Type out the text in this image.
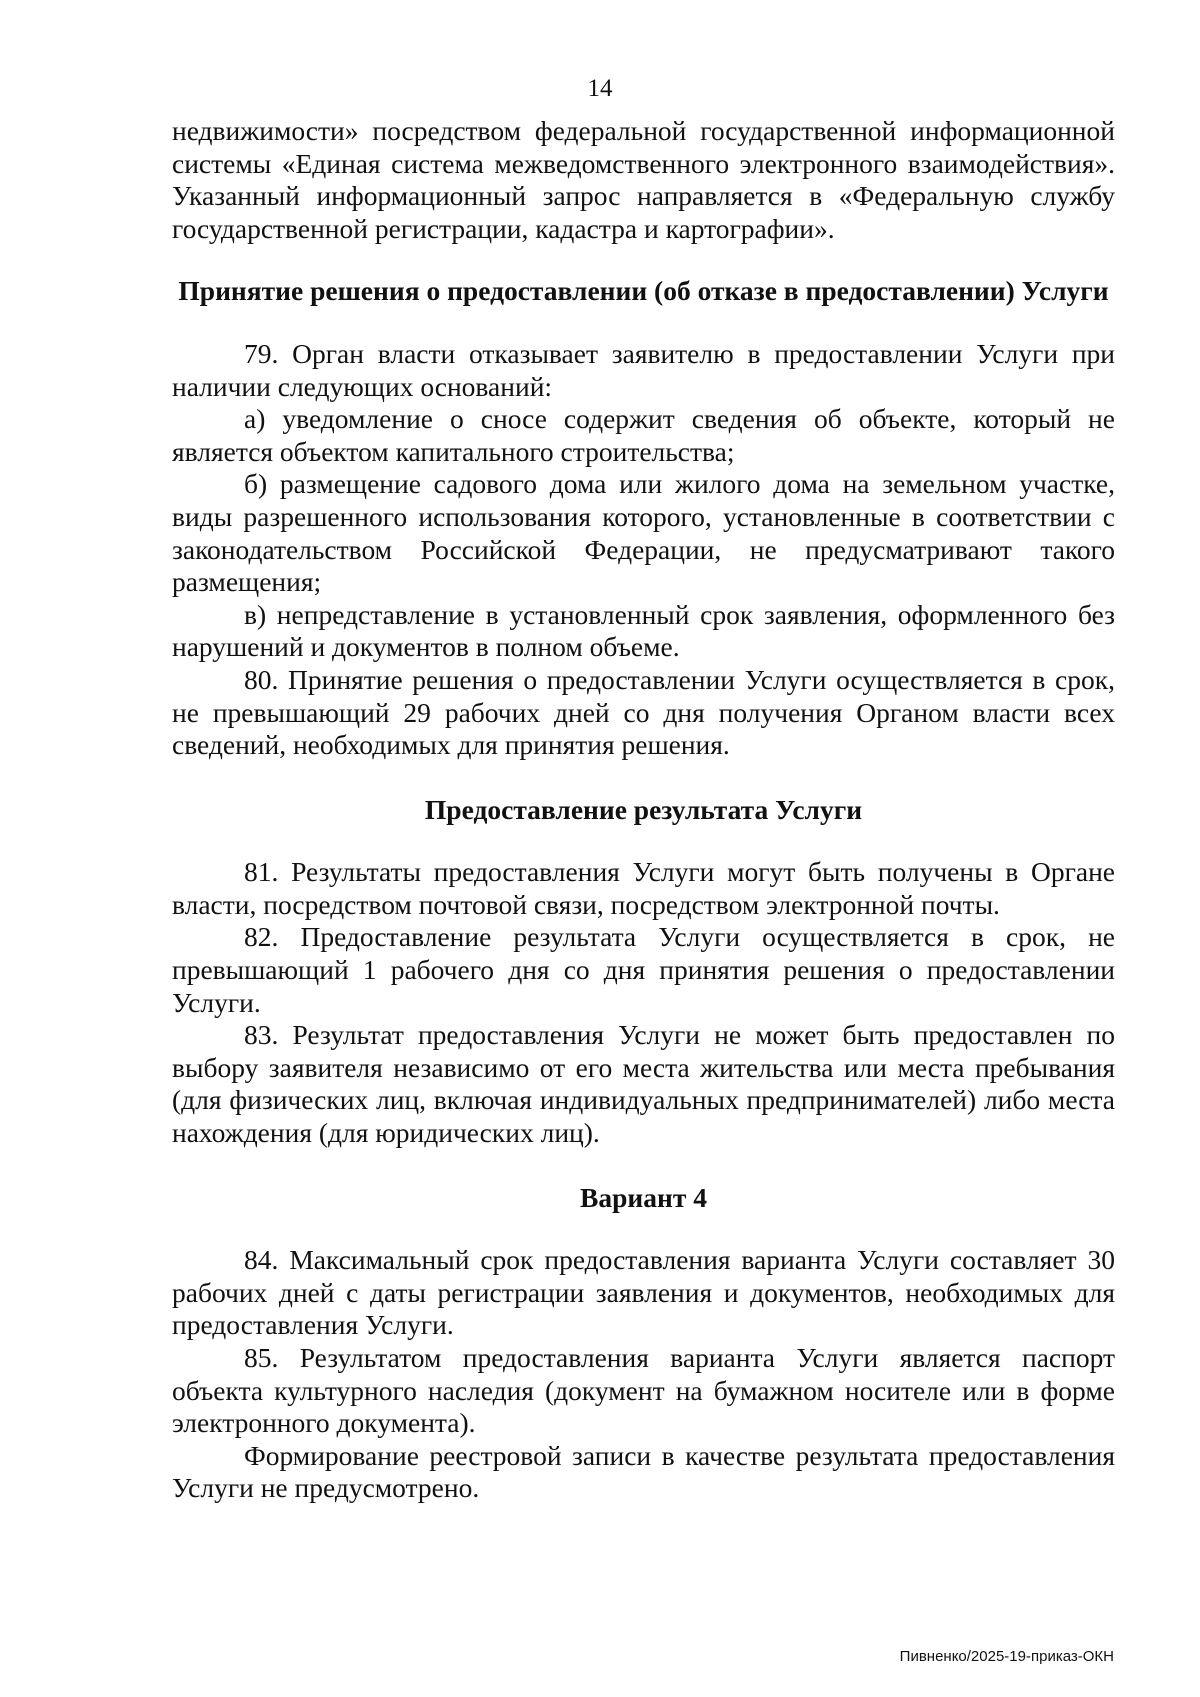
14

недвижимости» посредством федеральной государственной информационной системы «Единая система межведомственного электронного взаимодействия». Указанный информационный запрос направляется в «Федеральную службу государственной регистрации, кадастра и картографии».

Принятие решения о предоставлении (об отказе в предоставлении) Услуги

79. Орган власти отказывает заявителю в предоставлении Услуги при наличии следующих оснований:

а) уведомление о сносе содержит сведения об объекте, который не является объектом капитального строительства;

б) размещение садового дома или жилого дома на земельном участке, виды разрешенного использования которого, установленные в соответствии с законодательством Российской Федерации, не предусматривают такого размещения;

в) непредставление в установленный срок заявления, оформленного без нарушений и документов в полном объеме.

80. Принятие решения о предоставлении Услуги осуществляется в срок, не превышающий 29 рабочих дней со дня получения Органом власти всех сведений, необходимых для принятия решения.

Предоставление результата Услуги

81. Результаты предоставления Услуги могут быть получены в Органе власти, посредством почтовой связи, посредством электронной почты.

82. Предоставление результата Услуги осуществляется в срок, не превышающий 1 рабочего дня со дня принятия решения о предоставлении Услуги.

83. Результат предоставления Услуги не может быть предоставлен по выбору заявителя независимо от его места жительства или места пребывания (для физических лиц, включая индивидуальных предпринимателей) либо места нахождения (для юридических лиц).

Вариант 4

84. Максимальный срок предоставления варианта Услуги составляет 30 рабочих дней с даты регистрации заявления и документов, необходимых для предоставления Услуги.

85. Результатом предоставления варианта Услуги является паспорт объекта культурного наследия (документ на бумажном носителе или в форме электронного документа).

Формирование реестровой записи в качестве результата предоставления Услуги не предусмотрено.

Пивненко/2025-19-приказ-ОКН
